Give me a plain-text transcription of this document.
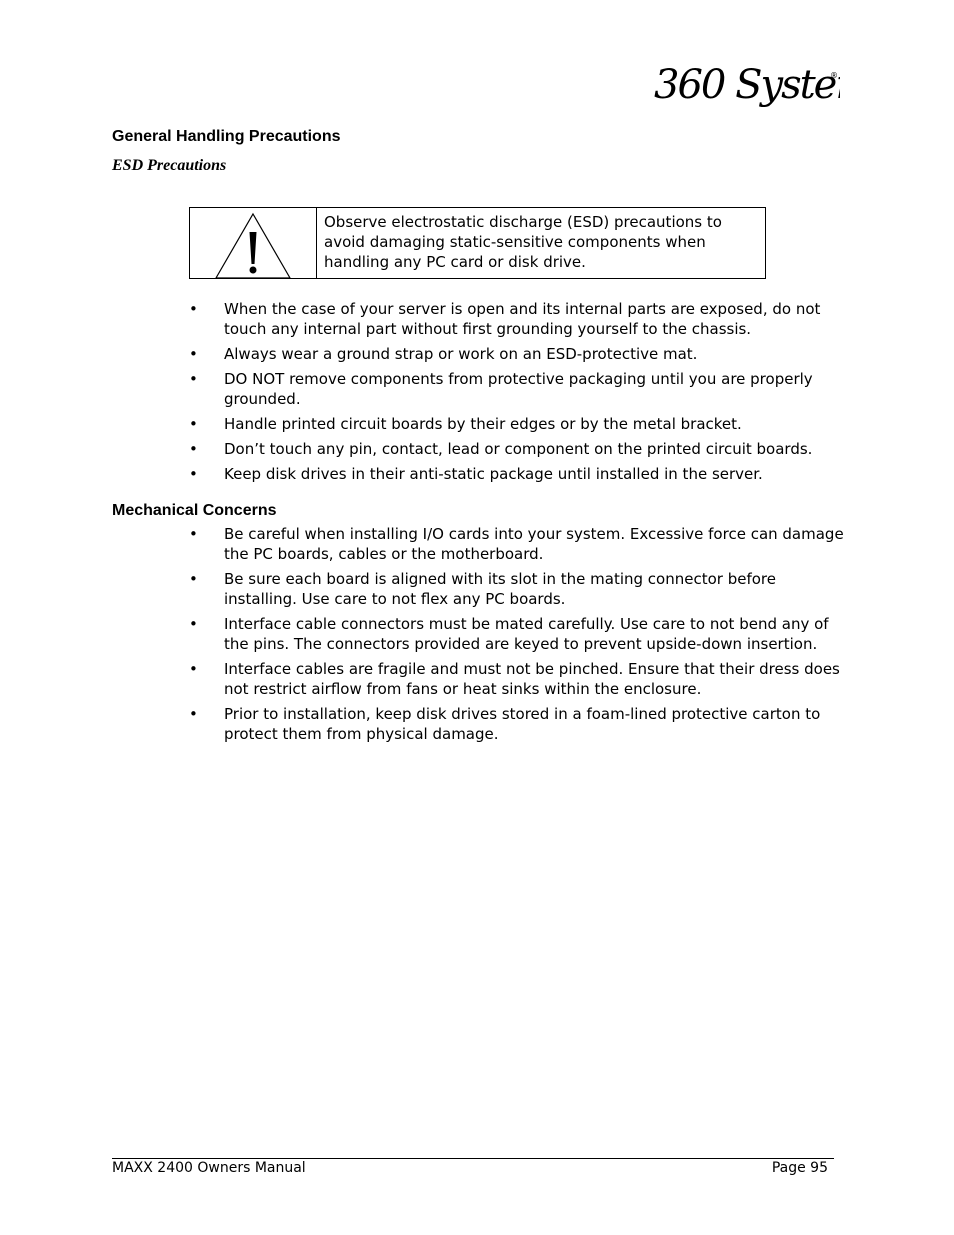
360 Syste
®
General Handling Precautions
ESD Precautions
Observe electrostatic discharge (ESD) precautions to avoid damaging static-sensitive components when handling any PC card or disk drive.
• When the case of your server is open and its internal parts are exposed, do not touch any internal part without first grounding yourself to the chassis.
• Always wear a ground strap or work on an ESD-protective mat.
• DO NOT remove components from protective packaging until you are properly grounded.
• Handle printed circuit boards by their edges or by the metal bracket.
• Don’t touch any pin, contact, lead or component on the printed circuit boards.
• Keep disk drives in their anti-static package until installed in the server.
Mechanical Concerns
• Be careful when installing I/O cards into your system. Excessive force can damage the PC boards, cables or the motherboard.
• Be sure each board is aligned with its slot in the mating connector before installing. Use care to not flex any PC boards.
• Interface cable connectors must be mated carefully. Use care to not bend any of the pins. The connectors provided are keyed to prevent upside-down insertion.
• Interface cables are fragile and must not be pinched. Ensure that their dress does not restrict airflow from fans or heat sinks within the enclosure.
• Prior to installation, keep disk drives stored in a foam-lined protective carton to protect them from physical damage.
MAXX 2400 Owners Manual	Page 95
